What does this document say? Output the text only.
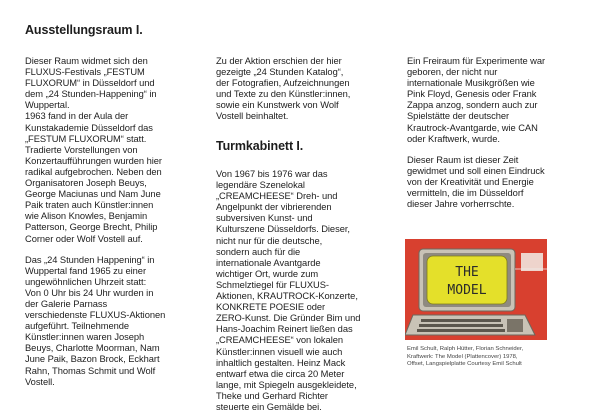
Ausstellungsraum I.

Dieser Raum widmet sich den
FLUXUS-Festivals „FESTUM
FLUXORUM“ in Düsseldorf und
dem „24 Stunden-Happening“ in
Wuppertal.
1963 fand in der Aula der
Kunstakademie Düsseldorf das
„FESTUM FLUXORUM“ statt.
Tradierte Vorstellungen von
Konzertaufführungen wurden hier
radikal aufgebrochen. Neben den
Organisatoren Joseph Beuys,
George Maciunas und Nam June
Paik traten auch Künstler:innen
wie Alison Knowles, Benjamin
Patterson, George Brecht, Philip
Corner oder Wolf Vostell auf.

Das „24 Stunden Happening“ in
Wuppertal fand 1965 zu einer
ungewöhnlichen Uhrzeit statt:
Von 0 Uhr bis 24 Uhr wurden in
der Galerie Parnass
verschiedenste FLUXUS-Aktionen
aufgeführt. Teilnehmende
Künstler:innen waren Joseph
Beuys, Charlotte Moorman, Nam
June Paik, Bazon Brock, Eckhart
Rahn, Thomas Schmit und Wolf
Vostell.

Zu der Aktion erschien der hier
gezeigte „24 Stunden Katalog“,
der Fotografien, Aufzeichnungen
und Texte zu den Künstler:innen,
sowie ein Kunstwerk von Wolf
Vostell beinhaltet.

Turmkabinett I.

Von 1967 bis 1976 war das
legendäre Szenelokal
„CREAMCHEESE“ Dreh- und
Angelpunkt der vibrierenden
subversiven Kunst- und
Kulturszene Düsseldorfs. Dieser,
nicht nur für die deutsche,
sondern auch für die
internationale Avantgarde
wichtiger Ort, wurde zum
Schmelztiegel für FLUXUS-
Aktionen, KRAUTROCK-Konzerte,
KONKRETE POESIE oder
ZERO-Kunst. Die Gründer Bim und
Hans-Joachim Reinert ließen das
„CREAMCHEESE“ von lokalen
Künstler:innen visuell wie auch
inhaltlich gestalten. Heinz Mack
entwarf etwa die circa 20 Meter
lange, mit Spiegeln ausgekleidete,
Theke und Gerhard Richter
steuerte ein Gemälde bei.

Ein Freiraum für Experimente war
geboren, der nicht nur
internationale Musikgrößen wie
Pink Floyd, Genesis oder Frank
Zappa anzog, sondern auch zur
Spielstätte der deutscher
Krautrock-Avantgarde, wie CAN
oder Kraftwerk, wurde.

Dieser Raum ist dieser Zeit
gewidmet und soll einen Eindruck
von der Kreativität und Energie
vermitteln, die im Düsseldorf
dieser Jahre vorherrschte.

THE
MODEL
Emil Schult, Ralph Hütter, Florian Schneider,
Kraftwerk: The Model (Plattencover) 1978,
Offset, Langspielplatte Courtesy Emil Schult
